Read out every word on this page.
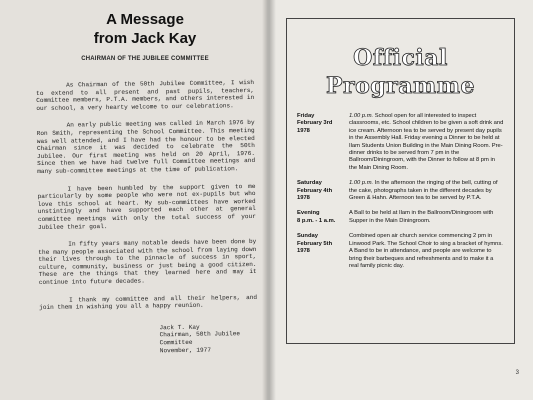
A Message
from Jack Kay
CHAIRMAN OF THE JUBILEE COMMITTEE

As Chairman of the 50th Jubilee Committee, I wish to extend to all present and past pupils, teachers, Committee members, P.T.A. members, and others interested in our school, a very hearty welcome to our celebrations.

An early public meeting was called in March 1976 by Ron Smith, representing the School Committee. This meeting was well attended, and I have had the honour to be elected Chairman since it was decided to celebrate the 50th Jubilee. Our first meeting was held on 20 April, 1976. Since then we have had twelve full Committee meetings and many sub-committee meetings at the time of publication.

I have been humbled by the support given to me particularly by some people who were not ex-pupils but who love this school at heart. My sub-committees have worked unstintingly and have supported each other at general committee meetings with only the total success of your Jubilee their goal.

In fifty years many notable deeds have been done by the many people associated with the school from laying down their lives through to the pinnacle of success in sport, culture, community, business or just being a good citizen. These are the things that they learned here and may it continue into future decades.

I thank my committee and all their helpers, and join them in wishing you all a happy reunion.

Jack T. Kay
Chairman, 50th Jubilee Committee
November, 1977
Official
Programme
Friday
February 3rd
1978
1.00 p.m. School open for all interested to inspect classrooms, etc. School children to be given a soft drink and ice cream. Afternoon tea to be served by present day pupils in the Assembly Hall. Friday evening a Dinner to be held at Ilam Students Union Building in the Main Dining Room. Pre-dinner drinks to be served from 7 pm in the Ballroom/Diningroom, with the Dinner to follow at 8 pm in the Main Dining Room.
Saturday
February 4th
1978
1.00 p.m. In the afternoon the ringing of the bell, cutting of the cake, photographs taken in the different decades by Green & Hahn. Afternoon tea to be served by P.T.A.
Evening
8 p.m. - 1 a.m.
A Ball to be held at Ilam in the Ballroom/Diningroom with Supper in the Main Diningroom.
Sunday
February 5th
1978
Combined open air church service commencing 2 pm in Linwood Park. The School Choir to sing a bracket of hymns. A Band to be in attendance, and people are welcome to bring their barbeques and refreshments and to make it a real family picnic day.
3
